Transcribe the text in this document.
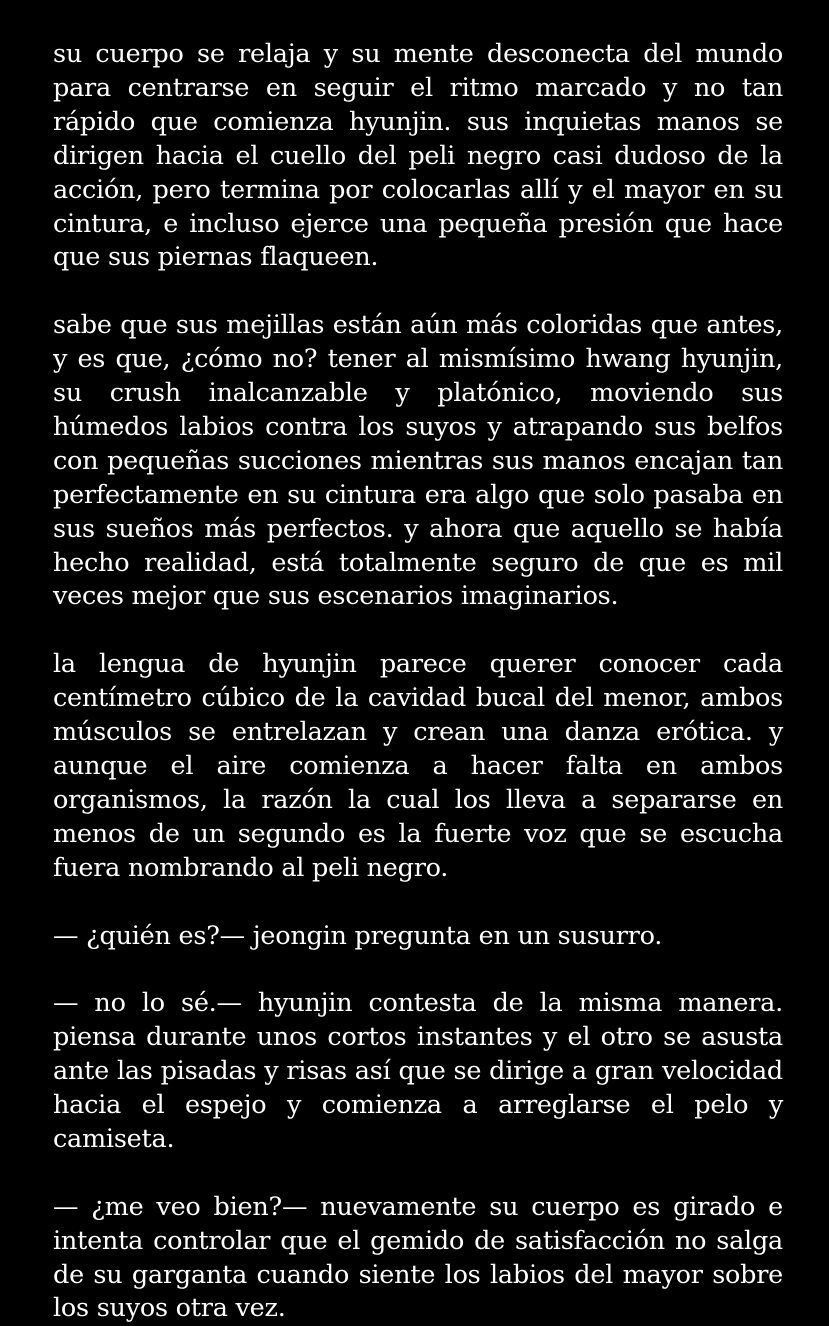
su cuerpo se relaja y su mente desconecta del mundo para centrarse en seguir el ritmo marcado y no tan rápido que comienza hyunjin. sus inquietas manos se dirigen hacia el cuello del peli negro casi dudoso de la acción, pero termina por colocarlas allí y el mayor en su cintura, e incluso ejerce una pequeña presión que hace que sus piernas flaqueen.

sabe que sus mejillas están aún más coloridas que antes, y es que, ¿cómo no? tener al mismísimo hwang hyunjin, su crush inalcanzable y platónico, moviendo sus húmedos labios contra los suyos y atrapando sus belfos con pequeñas succiones mientras sus manos encajan tan perfectamente en su cintura era algo que solo pasaba en sus sueños más perfectos. y ahora que aquello se había hecho realidad, está totalmente seguro de que es mil veces mejor que sus escenarios imaginarios.

la lengua de hyunjin parece querer conocer cada centímetro cúbico de la cavidad bucal del menor, ambos músculos se entrelazan y crean una danza erótica. y aunque el aire comienza a hacer falta en ambos organismos, la razón la cual los lleva a separarse en menos de un segundo es la fuerte voz que se escucha fuera nombrando al peli negro.

— ¿quién es?— jeongin pregunta en un susurro.

— no lo sé.— hyunjin contesta de la misma manera. piensa durante unos cortos instantes y el otro se asusta ante las pisadas y risas así que se dirige a gran velocidad hacia el espejo y comienza a arreglarse el pelo y camiseta.

— ¿me veo bien?— nuevamente su cuerpo es girado e intenta controlar que el gemido de satisfacción no salga de su garganta cuando siente los labios del mayor sobre los suyos otra vez.
